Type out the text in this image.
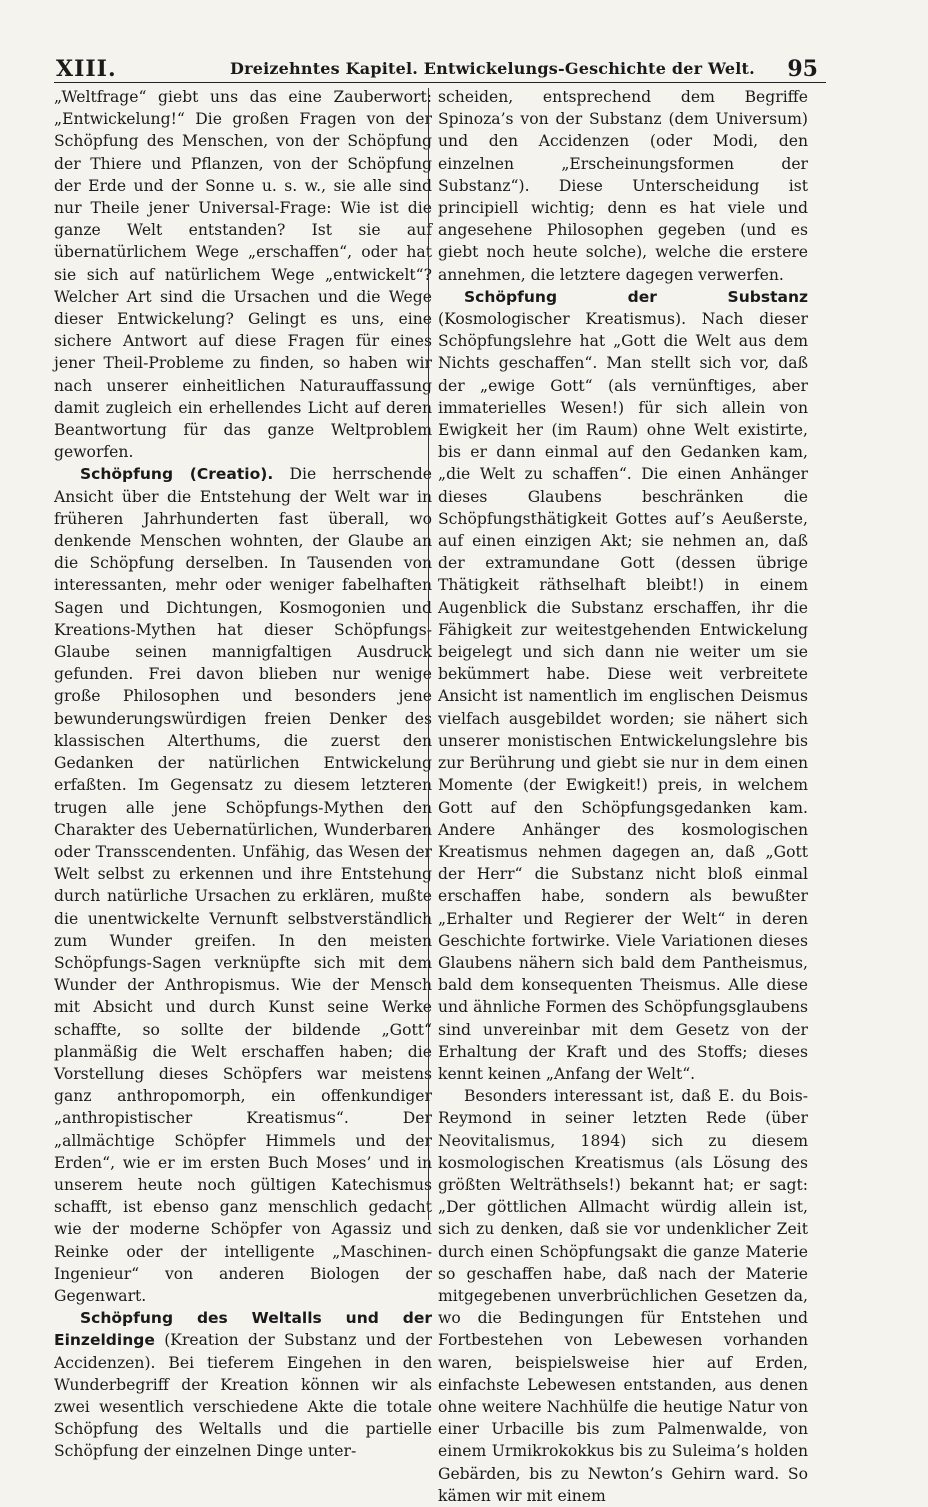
XIII.	Dreizehntes Kapitel. Entwickelungs-Geschichte der Welt. 95

„Weltfrage“ giebt uns das eine Zauberwort: „Entwickelung!“ Die großen Fragen von der Schöpfung des Menschen, von der Schöpfung der Thiere und Pflanzen, von der Schöpfung der Erde und der Sonne u. s. w., sie alle sind nur Theile jener Universal-Frage: Wie ist die ganze Welt entstanden? Ist sie auf übernatürlichem Wege „erschaffen“, oder hat sie sich auf natürlichem Wege „entwickelt“? Welcher Art sind die Ursachen und die Wege dieser Entwickelung? Gelingt es uns, eine sichere Antwort auf diese Fragen für eines jener Theil-Probleme zu finden, so haben wir nach unserer einheitlichen Naturauffassung damit zugleich ein erhellendes Licht auf deren Beantwortung für das ganze Weltproblem geworfen.

Schöpfung (Creatio). Die herrschende Ansicht über die Entstehung der Welt war in früheren Jahrhunderten fast überall, wo denkende Menschen wohnten, der Glaube an die Schöpfung derselben. In Tausenden von interessanten, mehr oder weniger fabelhaften Sagen und Dichtungen, Kosmogonien und Kreations-Mythen hat dieser Schöpfungs-Glaube seinen mannigfaltigen Ausdruck gefunden. Frei davon blieben nur wenige große Philosophen und besonders jene bewunderungswürdigen freien Denker des klassischen Alterthums, die zuerst den Gedanken der natürlichen Entwickelung erfaßten. Im Gegensatz zu diesem letzteren trugen alle jene Schöpfungs-Mythen den Charakter des Uebernatürlichen, Wunderbaren oder Transscendenten. Unfähig, das Wesen der Welt selbst zu erkennen und ihre Entstehung durch natürliche Ursachen zu erklären, mußte die unentwickelte Vernunft selbstverständlich zum Wunder greifen. In den meisten Schöpfungs-Sagen verknüpfte sich mit dem Wunder der Anthropismus. Wie der Mensch mit Absicht und durch Kunst seine Werke schaffte, so sollte der bildende „Gott“ planmäßig die Welt erschaffen haben; die Vorstellung dieses Schöpfers war meistens ganz anthropomorph, ein offenkundiger „anthropistischer Kreatismus“. Der „allmächtige Schöpfer Himmels und der Erden“, wie er im ersten Buch Moses’ und in unserem heute noch gültigen Katechismus schafft, ist ebenso ganz menschlich gedacht wie der moderne Schöpfer von Agassiz und Reinke oder der intelligente „Maschinen-Ingenieur“ von anderen Biologen der Gegenwart.

Schöpfung des Weltalls und der Einzeldinge (Kreation der Substanz und der Accidenzen). Bei tieferem Eingehen in den Wunderbegriff der Kreation können wir als zwei wesentlich verschiedene Akte die totale Schöpfung des Weltalls und die partielle Schöpfung der einzelnen Dinge unter-

scheiden, entsprechend dem Begriffe Spinoza’s von der Substanz (dem Universum) und den Accidenzen (oder Modi, den einzelnen „Erscheinungsformen der Substanz“). Diese Unterscheidung ist principiell wichtig; denn es hat viele und angesehene Philosophen gegeben (und es giebt noch heute solche), welche die erstere annehmen, die letztere dagegen verwerfen.

Schöpfung der Substanz (Kosmologischer Kreatismus). Nach dieser Schöpfungslehre hat „Gott die Welt aus dem Nichts geschaffen“. Man stellt sich vor, daß der „ewige Gott“ (als vernünftiges, aber immaterielles Wesen!) für sich allein von Ewigkeit her (im Raum) ohne Welt existirte, bis er dann einmal auf den Gedanken kam, „die Welt zu schaffen“. Die einen Anhänger dieses Glaubens beschränken die Schöpfungsthätigkeit Gottes auf’s Aeußerste, auf einen einzigen Akt; sie nehmen an, daß der extramundane Gott (dessen übrige Thätigkeit räthselhaft bleibt!) in einem Augenblick die Substanz erschaffen, ihr die Fähigkeit zur weitestgehenden Entwickelung beigelegt und sich dann nie weiter um sie bekümmert habe. Diese weit verbreitete Ansicht ist namentlich im englischen Deismus vielfach ausgebildet worden; sie nähert sich unserer monistischen Entwickelungslehre bis zur Berührung und giebt sie nur in dem einen Momente (der Ewigkeit!) preis, in welchem Gott auf den Schöpfungsgedanken kam. Andere Anhänger des kosmologischen Kreatismus nehmen dagegen an, daß „Gott der Herr“ die Substanz nicht bloß einmal erschaffen habe, sondern als bewußter „Erhalter und Regierer der Welt“ in deren Geschichte fortwirke. Viele Variationen dieses Glaubens nähern sich bald dem Pantheismus, bald dem konsequenten Theismus. Alle diese und ähnliche Formen des Schöpfungsglaubens sind unvereinbar mit dem Gesetz von der Erhaltung der Kraft und des Stoffs; dieses kennt keinen „Anfang der Welt“.

Besonders interessant ist, daß E. du Bois-Reymond in seiner letzten Rede (über Neovitalismus, 1894) sich zu diesem kosmologischen Kreatismus (als Lösung des größten Welträthsels!) bekannt hat; er sagt: „Der göttlichen Allmacht würdig allein ist, sich zu denken, daß sie vor undenklicher Zeit durch einen Schöpfungsakt die ganze Materie so geschaffen habe, daß nach der Materie mitgegebenen unverbrüchlichen Gesetzen da, wo die Bedingungen für Entstehen und Fortbestehen von Lebewesen vorhanden waren, beispielsweise hier auf Erden, einfachste Lebewesen entstanden, aus denen ohne weitere Nachhülfe die heutige Natur von einer Urbacille bis zum Palmenwalde, von einem Urmikrokokkus bis zu Suleima’s holden Gebärden, bis zu Newton’s Gehirn ward. So kämen wir mit einem
